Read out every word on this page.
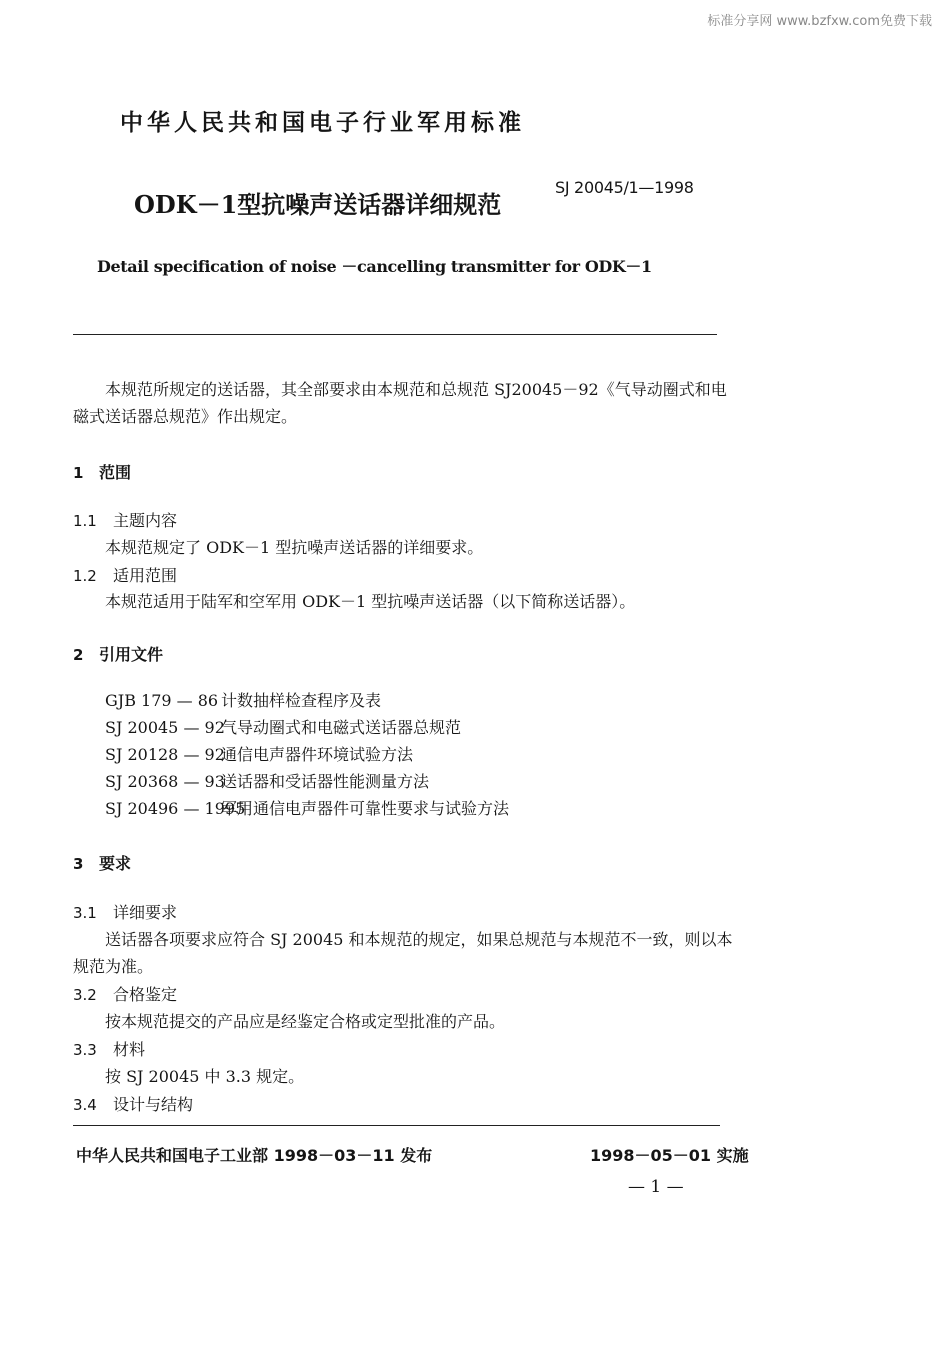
标准分享网 www.bzfxw.com免费下载
中华人民共和国电子行业军用标准
SJ 20045/1—1998
ODK－1型抗噪声送话器详细规范
Detail specification of noise －cancelling transmitter for ODK－1
本规范所规定的送话器，其全部要求由本规范和总规范 SJ20045－92《气导动圈式和电
磁式送话器总规范》作出规定。
1 范围
1.1 主题内容
本规范规定了 ODK－1 型抗噪声送话器的详细要求。
1.2 适用范围
本规范适用于陆军和空军用 ODK－1 型抗噪声送话器（以下简称送话器）。
2 引用文件
GJB 179 — 86 计数抽样检查程序及表
SJ 20045 — 92气导动圈式和电磁式送话器总规范
SJ 20128 — 92通信电声器件环境试验方法
SJ 20368 — 93送话器和受话器性能测量方法
SJ 20496 — 1995军用通信电声器件可靠性要求与试验方法
3 要求
3.1 详细要求
送话器各项要求应符合 SJ 20045 和本规范的规定，如果总规范与本规范不一致，则以本
规范为准。
3.2 合格鉴定
按本规范提交的产品应是经鉴定合格或定型批准的产品。
3.3 材料
按 SJ 20045 中 3.3 规定。
3.4 设计与结构
中华人民共和国电子工业部 1998－03－11 发布	1998－05－01 实施
— 1 —
